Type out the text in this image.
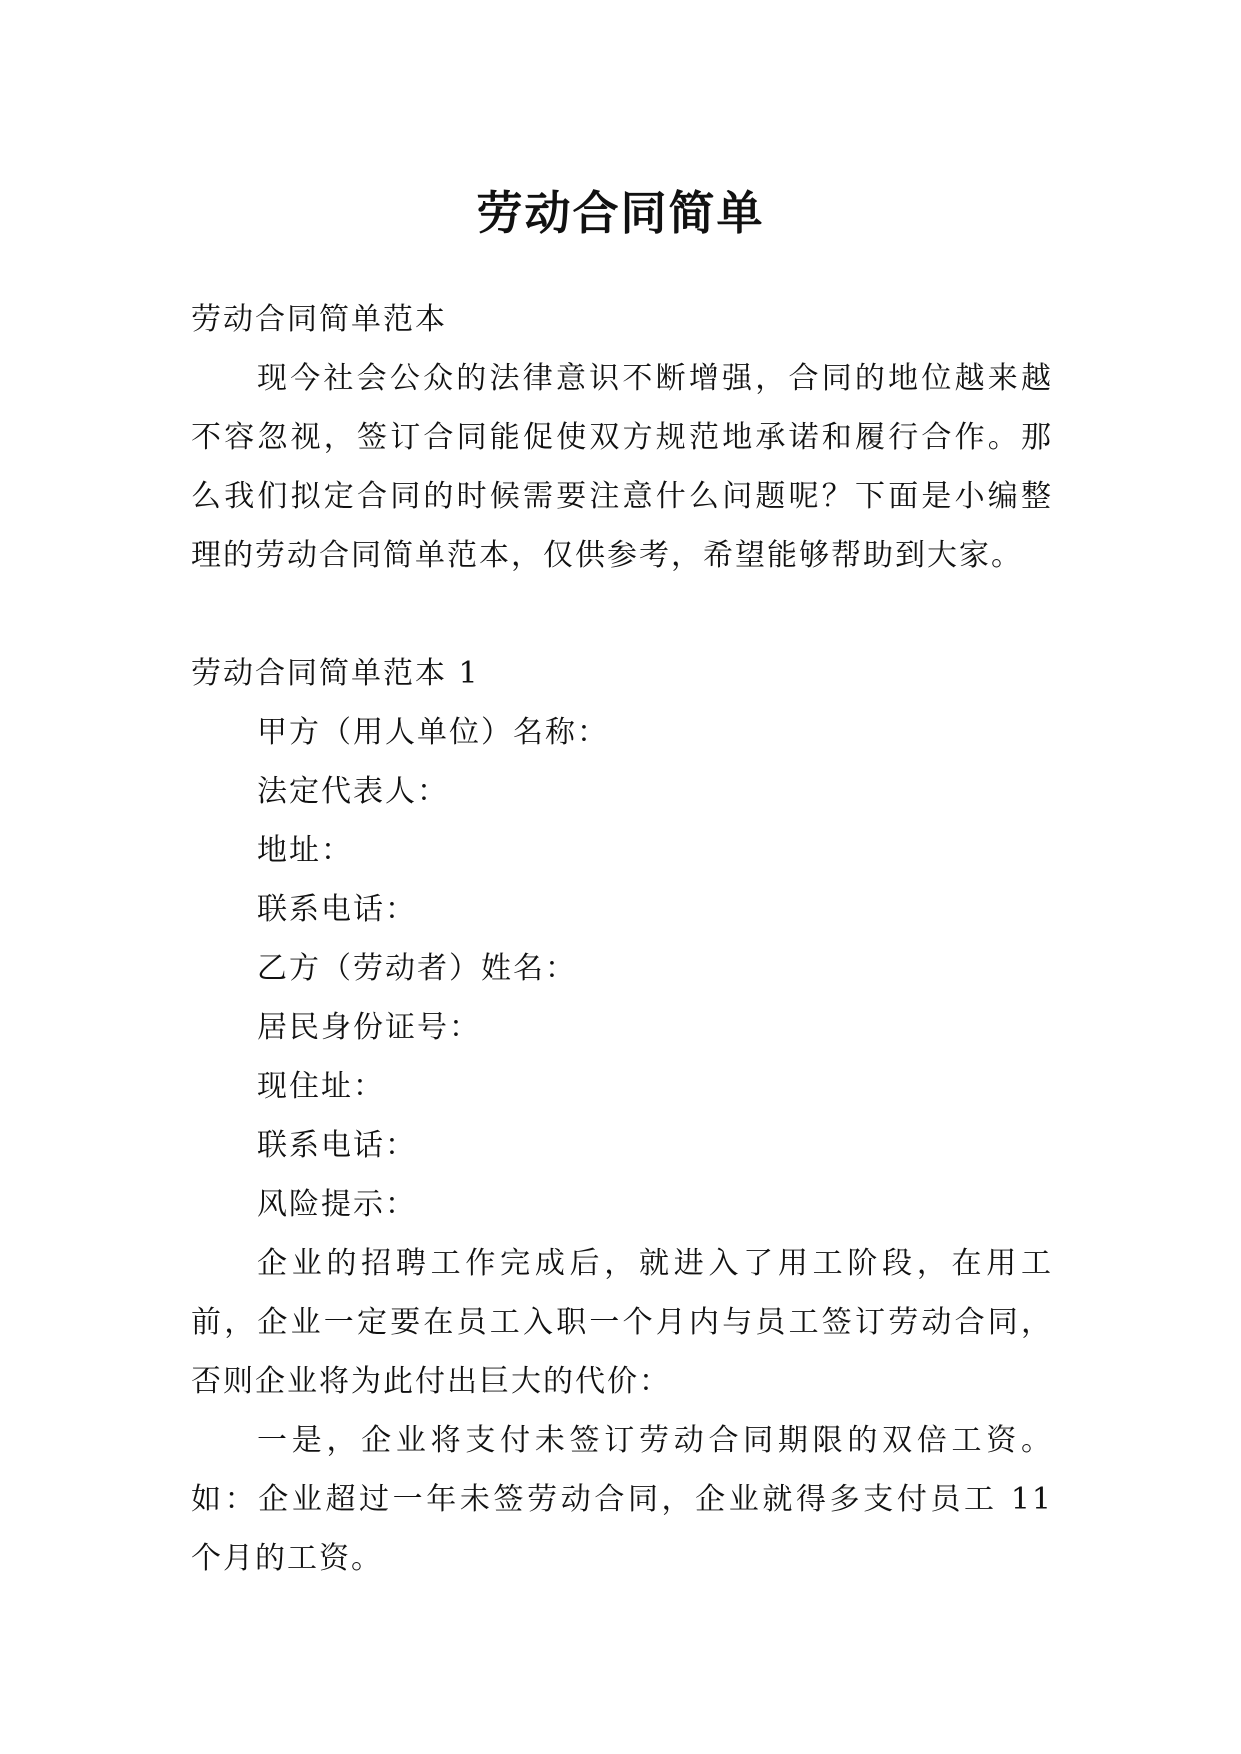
劳动合同简单

劳动合同简单范本

现今社会公众的法律意识不断增强，合同的地位越来越不容忽视，签订合同能促使双方规范地承诺和履行合作。那么我们拟定合同的时候需要注意什么问题呢？下面是小编整理的劳动合同简单范本，仅供参考，希望能够帮助到大家。

劳动合同简单范本 1

甲方（用人单位）名称：

法定代表人：

地址：

联系电话：

乙方（劳动者）姓名：

居民身份证号：

现住址：

联系电话：

风险提示：

企业的招聘工作完成后，就进入了用工阶段，在用工前，企业一定要在员工入职一个月内与员工签订劳动合同，否则企业将为此付出巨大的代价：

一是，企业将支付未签订劳动合同期限的双倍工资。如：企业超过一年未签劳动合同，企业就得多支付员工 11 个月的工资。
